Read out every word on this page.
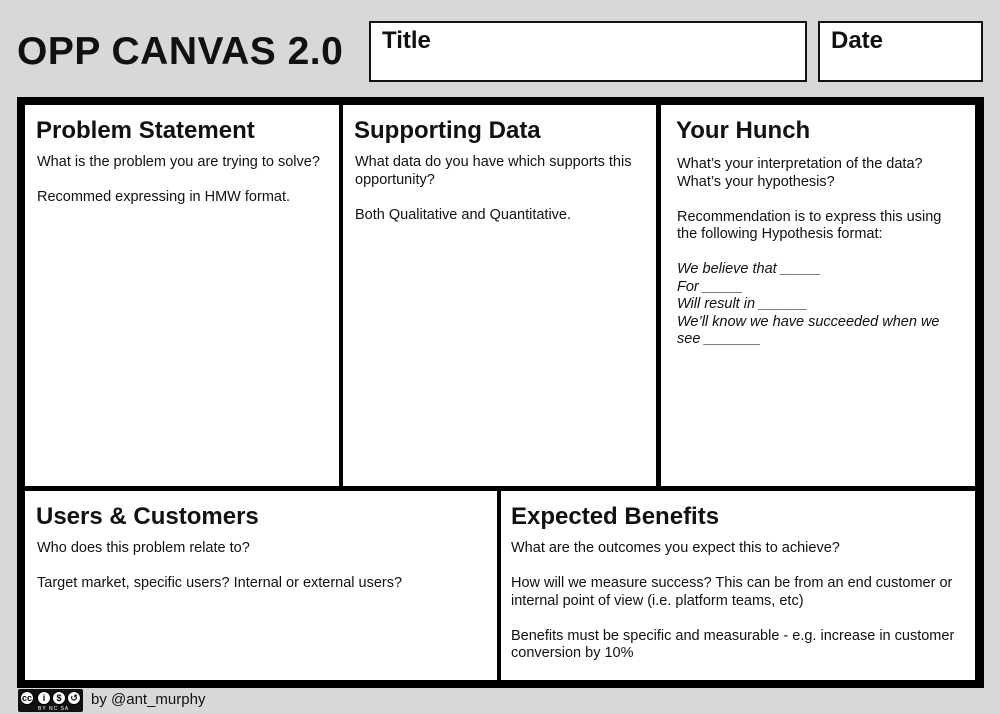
OPP CANVAS 2.0 Title	Date
Problem Statement

What is the problem you are trying to solve?

Recommed expressing in HMW format.

Supporting Data

What data do you have which supports this opportunity?

Both Qualitative and Quantitative.

Your Hunch

What’s your interpretation of the data?

What’s your hypothesis?

Recommendation is to express this using the following Hypothesis format:

We believe that _____

For _____

Will result in ______

We’ll know we have succeeded when we see _______

Users & Customers

Who does this problem relate to?

Target market, specific users? Internal or external users?

Expected Benefits

What are the outcomes you expect this to achieve?

How will we measure success? This can be from an end customer or internal point of view (i.e. platform teams, etc)

Benefits must be specific and measurable - e.g. increase in customer conversion by 10%

cc	i	$ ↺
BY NC SA
by @ant_murphy
